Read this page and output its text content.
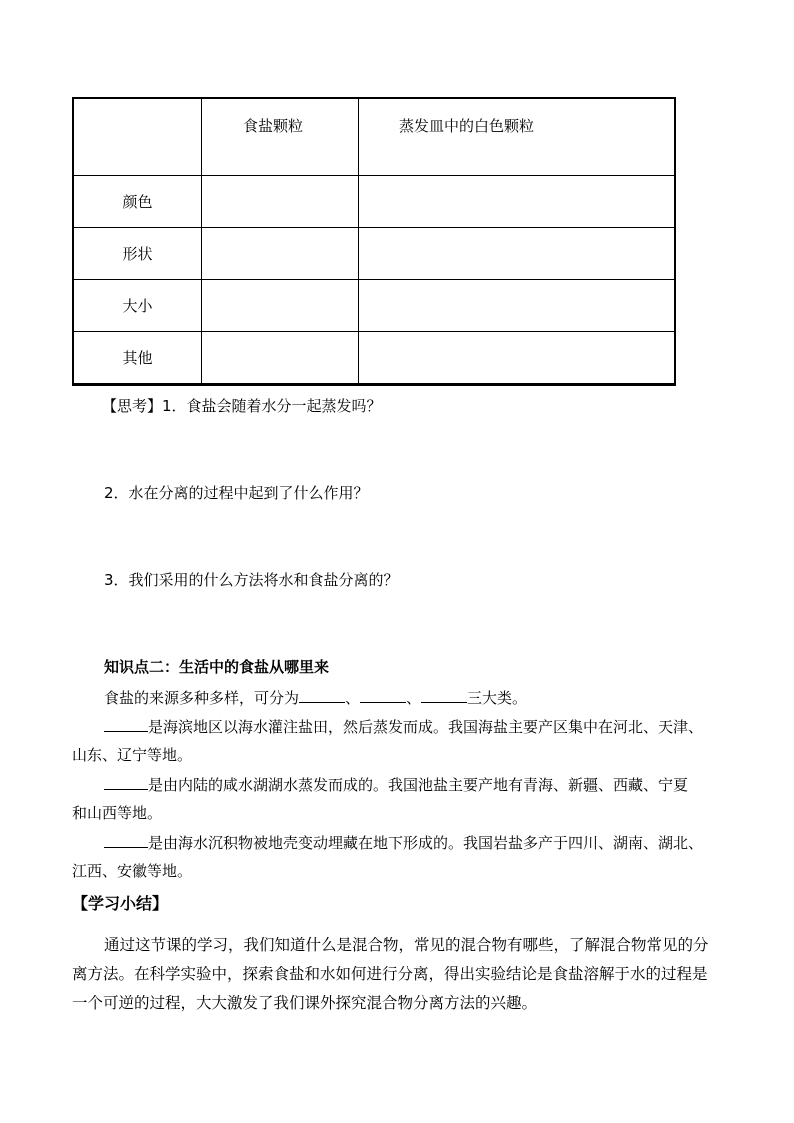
	食盐颗粒	蒸发皿中的白色颗粒
颜色		
形状		
大小		
其他		
【思考】1．食盐会随着水分一起蒸发吗？
2．水在分离的过程中起到了什么作用？
3．我们采用的什么方法将水和食盐分离的？
知识点二：生活中的食盐从哪里来
食盐的来源多种多样，可分为	、	、	三大类。
是海滨地区以海水灌注盐田，然后蒸发而成。我国海盐主要产区集中在河北、天津、
山东、辽宁等地。
是由内陆的咸水湖湖水蒸发而成的。我国池盐主要产地有青海、新疆、西藏、宁夏
和山西等地。
是由海水沉积物被地壳变动埋藏在地下形成的。我国岩盐多产于四川、湖南、湖北、
江西、安徽等地。
【学习小结】
通过这节课的学习，我们知道什么是混合物，常见的混合物有哪些，了解混合物常见的分离方法。在科学实验中，探索食盐和水如何进行分离，得出实验结论是食盐溶解于水的过程是一个可逆的过程，大大激发了我们课外探究混合物分离方法的兴趣。
